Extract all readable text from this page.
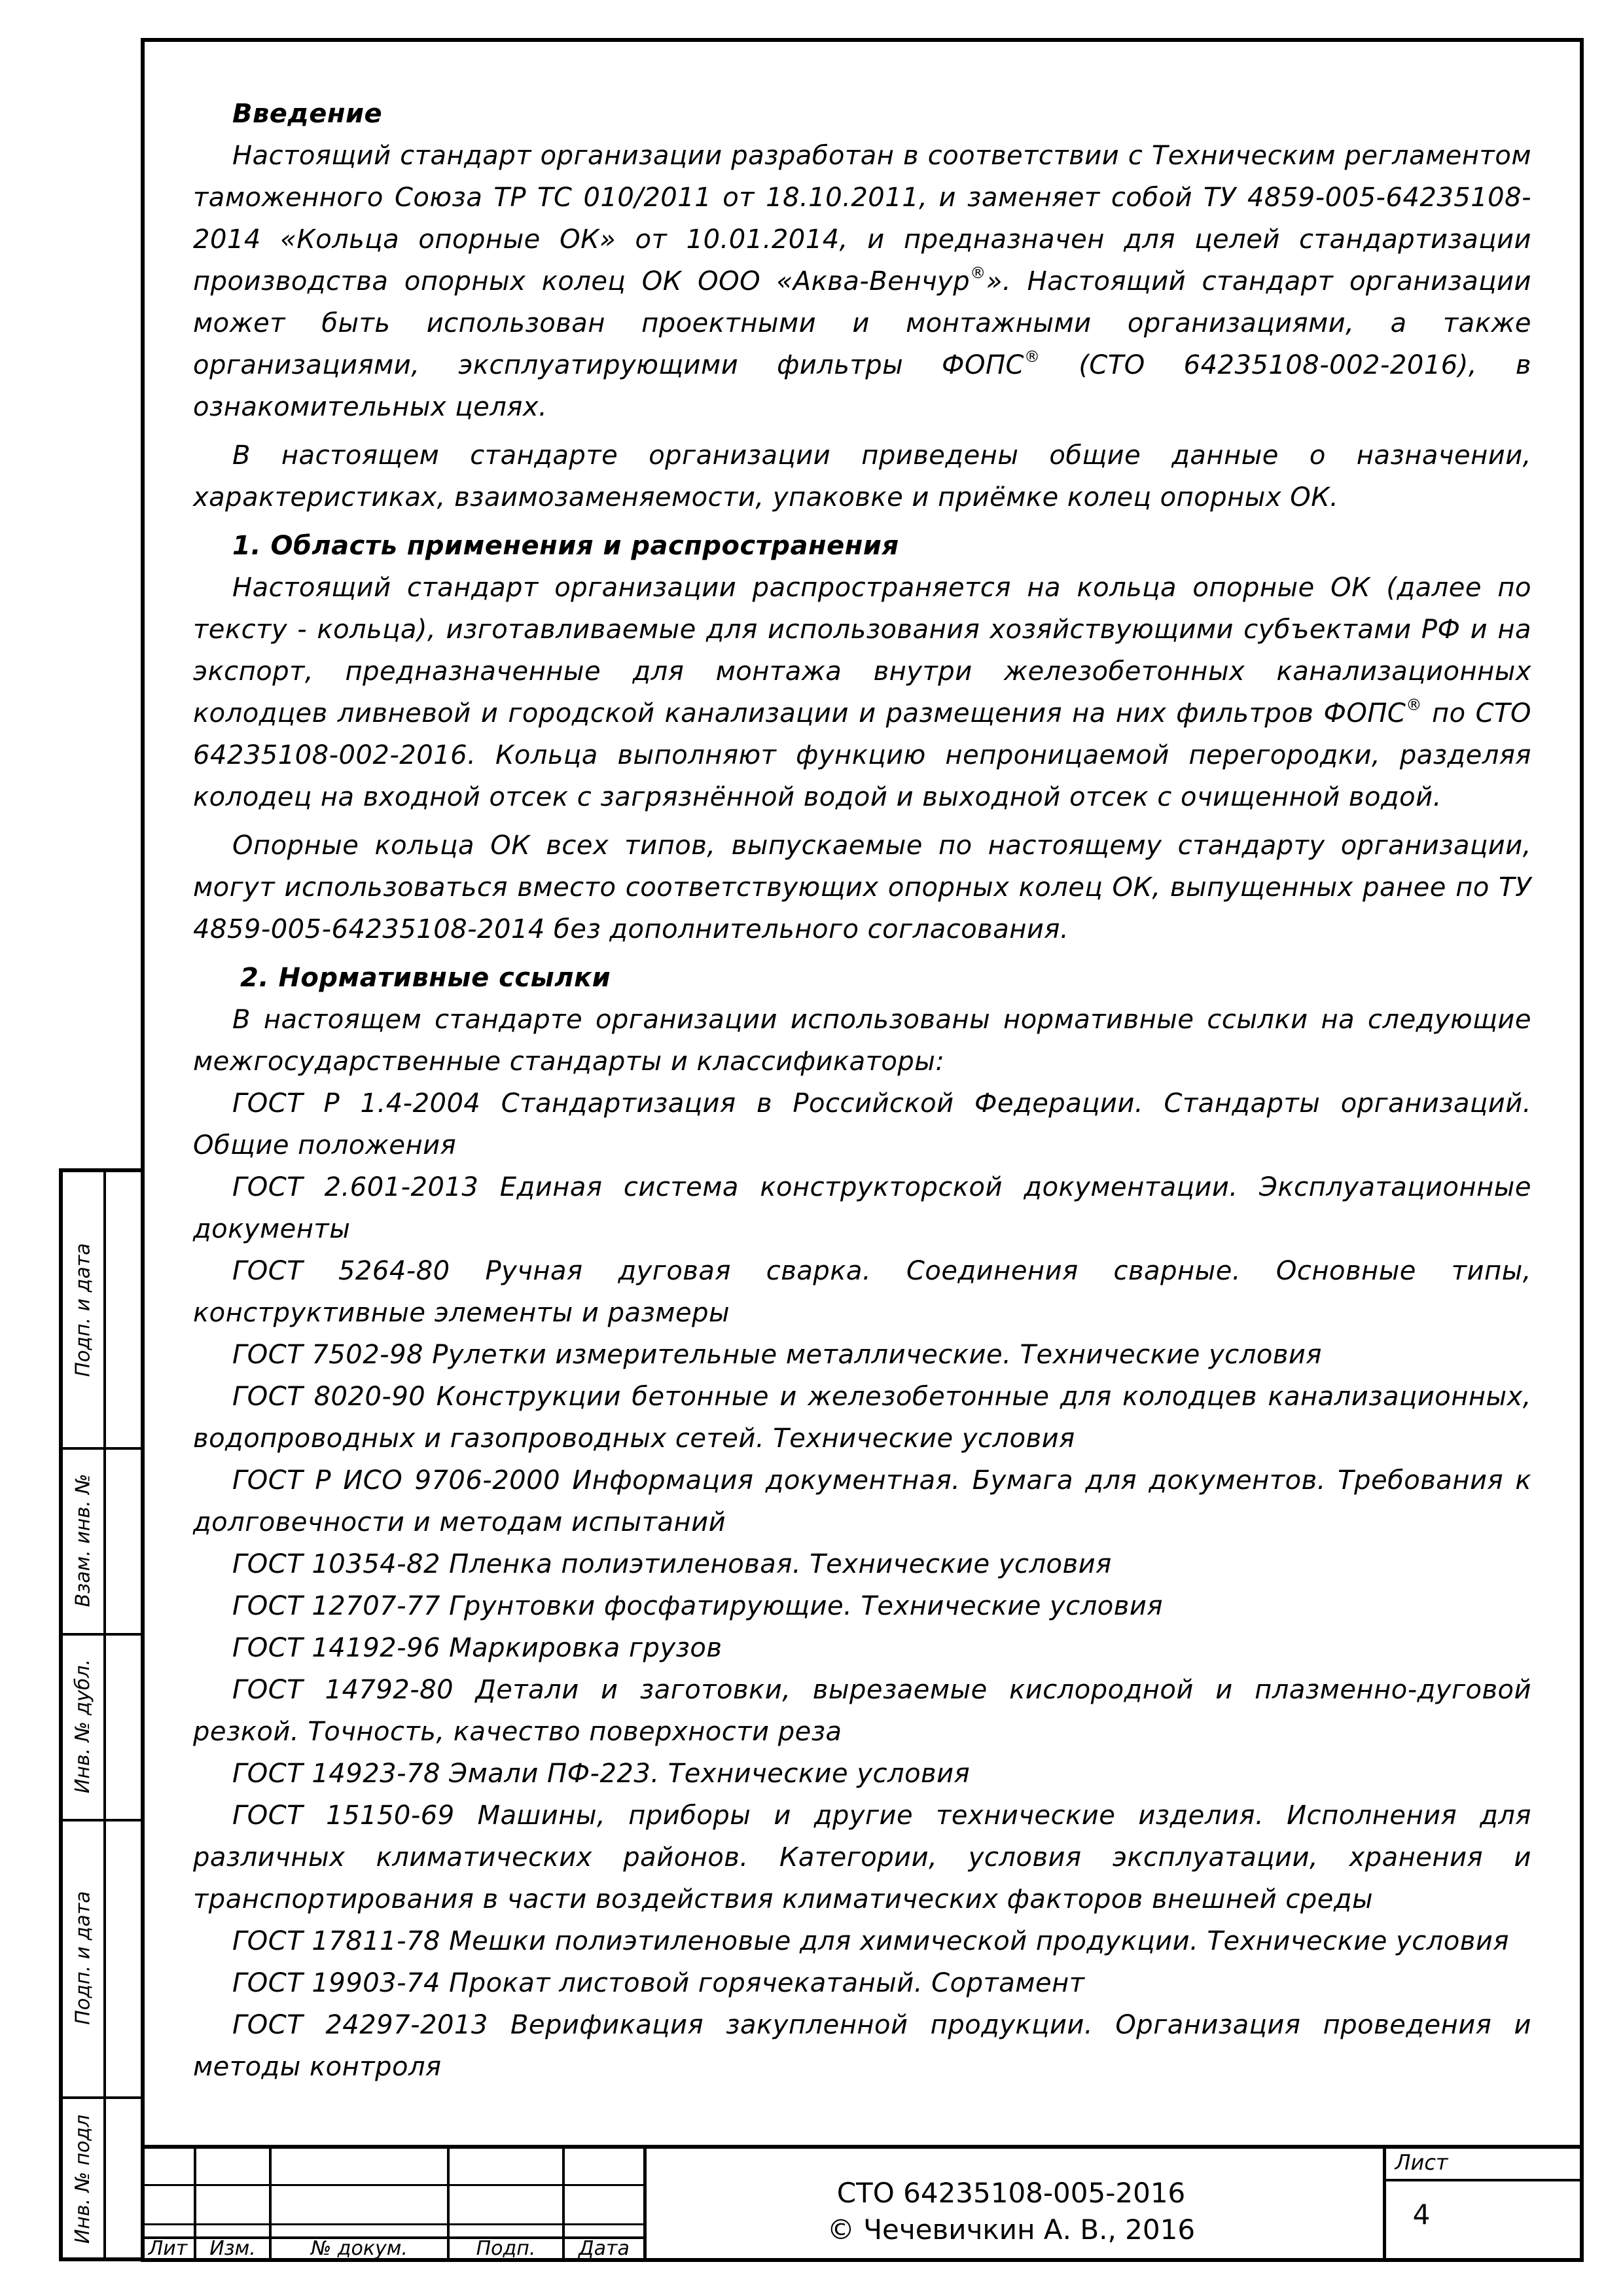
Введение

Настоящий стандарт организации разработан в соответствии с Техническим регламентом таможенного Союза ТР ТС 010/2011 от 18.10.2011, и заменяет собой ТУ 4859-005-64235108-2014 «Кольца опорные ОК» от 10.01.2014, и предназначен для целей стандартизации производства опорных колец ОК ООО «Аква-Венчур®». Настоящий стандарт организации может быть использован проектными и монтажными организациями, а также организациями, эксплуатирующими фильтры ФОПС® (СТО 64235108-002-2016), в ознакомительных целях.

В настоящем стандарте организации приведены общие данные о назначении, характеристиках, взаимозаменяемости, упаковке и приёмке колец опорных ОК.

1. Область применения и распространения

Настоящий стандарт организации распространяется на кольца опорные ОК (далее по тексту - кольца), изготавливаемые для использования хозяйствующими субъектами РФ и на экспорт, предназначенные для монтажа внутри железобетонных канализационных колодцев ливневой и городской канализации и размещения на них фильтров ФОПС® по СТО 64235108-002-2016. Кольца выполняют функцию непроницаемой перегородки, разделяя колодец на входной отсек с загрязнённой водой и выходной отсек с очищенной водой.

Опорные кольца ОК всех типов, выпускаемые по настоящему стандарту организации, могут использоваться вместо соответствующих опорных колец ОК, выпущенных ранее по ТУ 4859-005-64235108-2014 без дополнительного согласования.

2. Нормативные ссылки

В настоящем стандарте организации использованы нормативные ссылки на следующие межгосударственные стандарты и классификаторы:

ГОСТ Р 1.4-2004 Стандартизация в Российской Федерации. Стандарты организаций. Общие положения

ГОСТ 2.601-2013 Единая система конструкторской документации. Эксплуатационные документы

ГОСТ 5264-80 Ручная дуговая сварка. Соединения сварные. Основные типы, конструктивные элементы и размеры

ГОСТ 7502-98 Рулетки измерительные металлические. Технические условия

ГОСТ 8020-90 Конструкции бетонные и железобетонные для колодцев канализационных, водопроводных и газопроводных сетей. Технические условия

ГОСТ Р ИСО 9706-2000 Информация документная. Бумага для документов. Требования к долговечности и методам испытаний

ГОСТ 10354-82 Пленка полиэтиленовая. Технические условия

ГОСТ 12707-77 Грунтовки фосфатирующие. Технические условия

ГОСТ 14192-96 Маркировка грузов

ГОСТ 14792-80 Детали и заготовки, вырезаемые кислородной и плазменно-дуговой резкой. Точность, качество поверхности реза

ГОСТ 14923-78 Эмали ПФ-223. Технические условия

ГОСТ 15150-69 Машины, приборы и другие технические изделия. Исполнения для различных климатических районов. Категории, условия эксплуатации, хранения и транспортирования в части воздействия климатических факторов внешней среды

ГОСТ 17811-78 Мешки полиэтиленовые для химической продукции. Технические условия

ГОСТ 19903-74 Прокат листовой горячекатаный. Сортамент

ГОСТ 24297-2013 Верификация закупленной продукции. Организация проведения и методы контроля

Подп. и дата
Взам. инв. №
Инв. № дубл.
Подп. и дата
Инв. № подл
Лит	Изм.	№ докум.	Подп.	Дата
СТО 64235108-005-2016
© Чечевичкин А. В., 2016
Лист
4
